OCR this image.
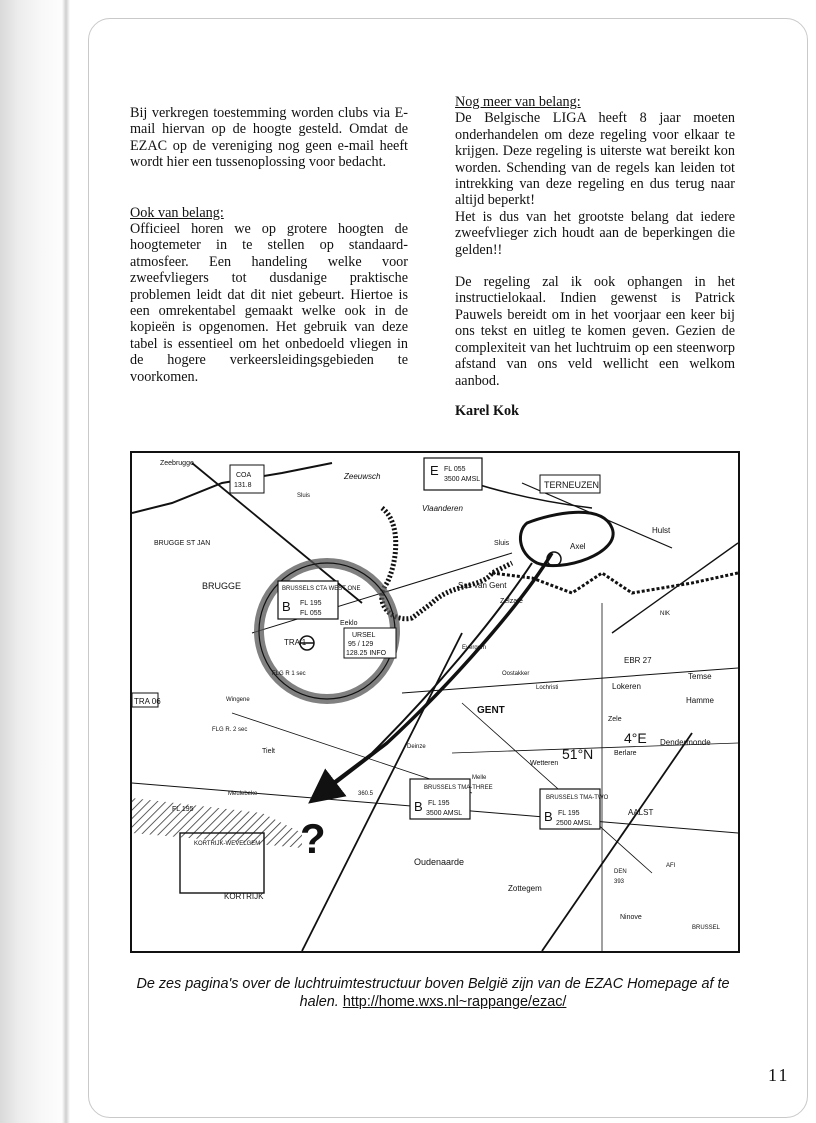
Bij verkregen toestemming worden clubs via E-mail hiervan op de hoogte gesteld. Omdat de EZAC op de vereniging nog geen e-mail heeft wordt hier een tussenoplossing voor bedacht.

Ook van belang:

Officieel horen we op grotere hoogten de hoogtemeter in te stellen op standaard-atmosfeer. Een handeling welke voor zweefvliegers tot dusdanige praktische problemen leidt dat dit niet gebeurt. Hiertoe is een omrekentabel gemaakt welke ook in de kopieën is opgenomen. Het gebruik van deze tabel is essentieel om het onbedoeld vliegen in de hogere verkeersleidingsgebieden te voorkomen.

Nog meer van belang:

De Belgische LIGA heeft 8 jaar moeten onderhandelen om deze regeling voor elkaar te krijgen. Deze regeling is uiterste wat bereikt kon worden. Schending van de regels kan leiden tot intrekking van deze regeling en dus terug naar altijd beperkt!

Het is dus van het grootste belang dat iedere zweefvlieger zich houdt aan de beperkingen die gelden!!

De regeling zal ik ook ophangen in het instructielokaal. Indien gewenst is Patrick Pauwels bereidt om in het voorjaar een keer bij ons tekst en uitleg te komen geven. Gezien de complexiteit van het luchtruim op een steenworp afstand van ons veld wellicht een welkom aanbod.

Karel Kok

?
E FL 055
3500 AMSL
B
BRUSSELS CTA WEST ONE
FL 195
FL 055
URSEL
95 / 129
128.25 INFO
B
BRUSSELS TMA-THREE
FL 195
3500 AMSL	B
BRUSSELS TMA-TWO
FL 195
2500 AMSL
TERNEUZEN
COA
131.8
TRA 06
KORTRIJK-WEVELGEM
Zeebrugge
Zeeuwsch
Vlaanderen
Hulst
Axel
Sluis
Sluis
BRUGGE ST JAN
BRUGGE	Sas van Gent
Zelzate
Eeklo
GENT
Lokeren
Temse
Hamme
Zele
Berlare
Dendermonde
Wetteren
AALST
Oudenaarde
Zottegem
Ninove
KORTRIJK
Deinze
Tielt
Wingene
Meulebeke
Lochristi
Oostakker
Evergem
Melle
TRA 1
FLG R 1 sec
FLG R. 2 sec
EBR 27
FL 195
NIK
DEN
393
AFI
BRUSSEL
360.5
51°N
4°E
De zes pagina's over de luchtruimtestructuur boven België zijn van de EZAC Homepage af te halen. http://home.wxs.nl~rappange/ezac/
11
